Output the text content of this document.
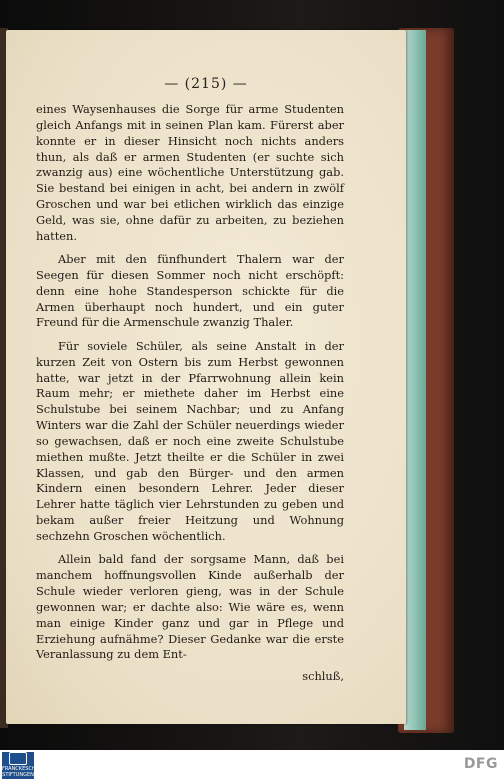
— (215) —

eines Waysenhauses die Sorge für arme Studenten gleich Anfangs mit in seinen Plan kam. Fürerst aber konnte er in dieser Hinsicht noch nichts anders thun, als daß er armen Studenten (er suchte sich zwanzig aus) eine wöchentliche Unterstützung gab. Sie bestand bei einigen in acht, bei andern in zwölf Groschen und war bei etlichen wirklich das einzige Geld, was sie, ohne dafür zu arbeiten, zu beziehen hatten.

Aber mit den fünfhundert Thalern war der Seegen für diesen Sommer noch nicht erschöpft: denn eine hohe Standesperson schickte für die Armen überhaupt noch hundert, und ein guter Freund für die Armenschule zwanzig Thaler.

Für soviele Schüler, als seine Anstalt in der kurzen Zeit von Ostern bis zum Herbst gewonnen hatte, war jetzt in der Pfarrwohnung allein kein Raum mehr; er miethete daher im Herbst eine Schulstube bei seinem Nachbar; und zu Anfang Winters war die Zahl der Schüler neuerdings wieder so gewachsen, daß er noch eine zweite Schulstube miethen mußte. Jetzt theilte er die Schüler in zwei Klassen, und gab den Bürger- und den armen Kindern einen besondern Lehrer. Jeder dieser Lehrer hatte täglich vier Lehrstunden zu geben und bekam außer freier Heitzung und Wohnung sechzehn Groschen wöchentlich.

Allein bald fand der sorgsame Mann, daß bei manchem hoffnungsvollen Kinde außerhalb der Schule wieder verloren gieng, was in der Schule gewonnen war; er dachte also: Wie wäre es, wenn man einige Kinder ganz und gar in Pflege und Erziehung aufnähme? Dieser Gedanke war die erste Veranlassung zu dem Ent-

schluß,
FRANCKESCHE STIFTUNGEN
DFG
